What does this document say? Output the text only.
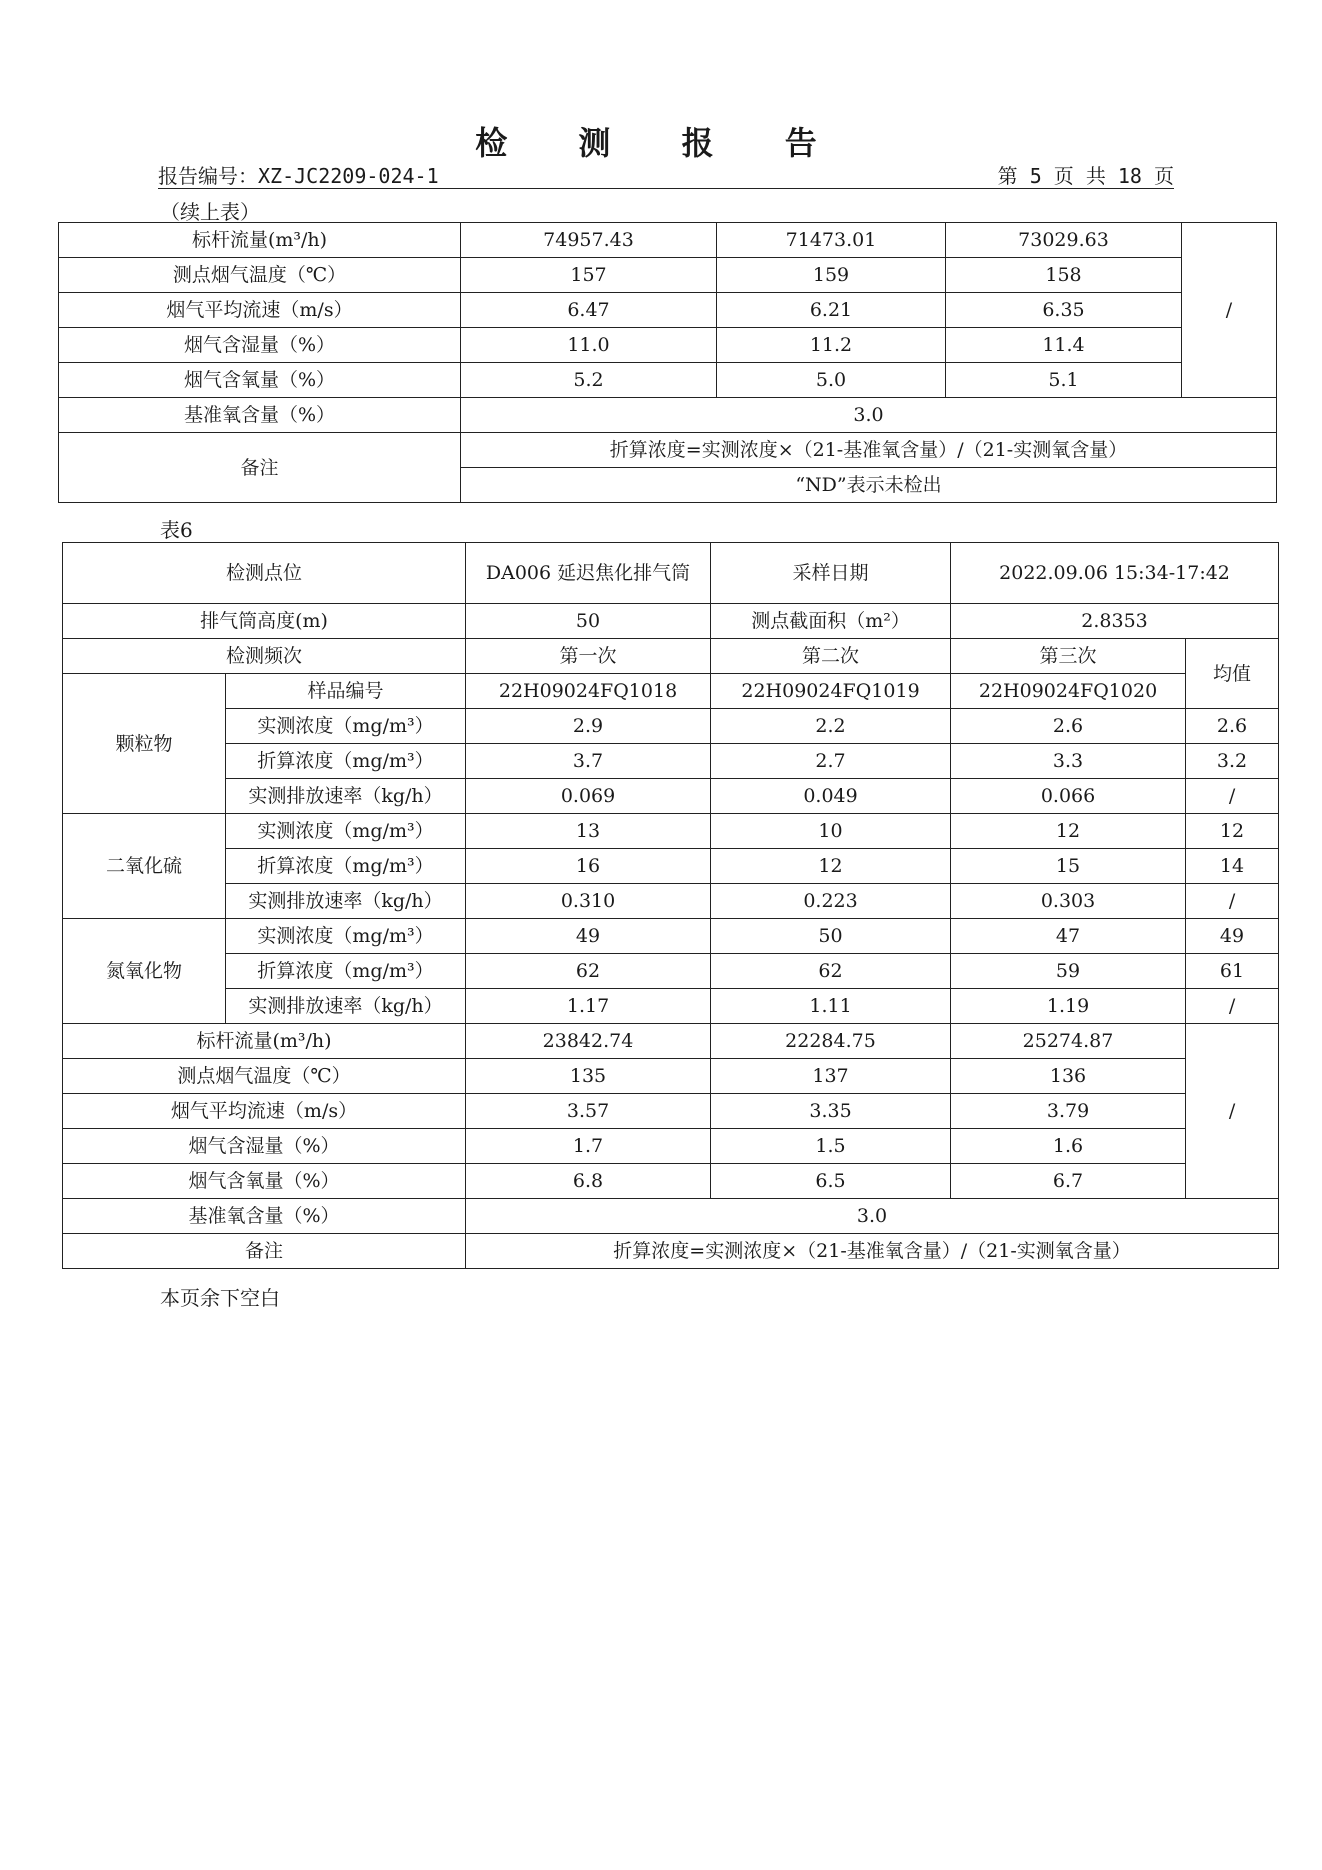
检 测 报 告
报告编号：XZ-JC2209-024-1	第 5 页 共 18 页
（续上表）
标杆流量(m³/h)	74957.43	71473.01	73029.63	/
测点烟气温度（℃）	157	159	158	
烟气平均流速（m/s）	6.47	6.21	6.35	
烟气含湿量（%）	11.0	11.2	11.4	
烟气含氧量（%）	5.2	5.0	5.1	
基准氧含量（%）	3.0			
备注	折算浓度=实测浓度×（21-基准氧含量）/（21-实测氧含量）			
	“ND”表示未检出			
表6
检测点位		DA006 延迟焦化排气筒	采样日期	2022.09.06 15:34-17:42	
排气筒高度(m)		50	测点截面积（m²）	2.8353	
检测频次		第一次	第二次	第三次	均值
颗粒物	样品编号	22H09024FQ1018	22H09024FQ1019	22H09024FQ1020	
	实测浓度（mg/m³）	2.9	2.2	2.6	2.6
	折算浓度（mg/m³）	3.7	2.7	3.3	3.2
	实测排放速率（kg/h）	0.069	0.049	0.066	/
二氧化硫	实测浓度（mg/m³）	13	10	12	12
	折算浓度（mg/m³）	16	12	15	14
	实测排放速率（kg/h）	0.310	0.223	0.303	/
氮氧化物	实测浓度（mg/m³）	49	50	47	49
	折算浓度（mg/m³）	62	62	59	61
	实测排放速率（kg/h）	1.17	1.11	1.19	/
标杆流量(m³/h)		23842.74	22284.75	25274.87	/
测点烟气温度（℃）		135	137	136	
烟气平均流速（m/s）		3.57	3.35	3.79	
烟气含湿量（%）		1.7	1.5	1.6	
烟气含氧量（%）		6.8	6.5	6.7	
基准氧含量（%）		3.0			
备注		折算浓度=实测浓度×（21-基准氧含量）/（21-实测氧含量）			
本页余下空白
